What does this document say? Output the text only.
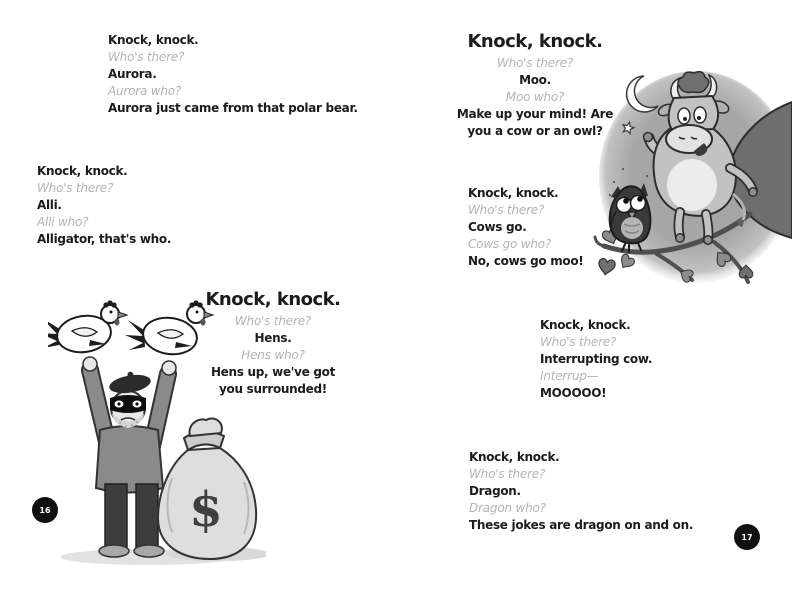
Knock, knock.
Who's there?
Aurora.
Aurora who?
Aurora just came from that polar bear.
Knock, knock.
Who's there?
Alli.
Alli who?
Alligator, that's who.
Knock, knock.
Who's there?
Hens.
Hens who?
Hens up, we've got you surrounded!
$
16
Knock, knock.
Who's there?
Moo.
Moo who?
Make up your mind! Are you a cow or an owl?
Knock, knock.
Who's there?
Cows go.
Cows go who?
No, cows go moo!
Knock, knock.
Who's there?
Interrupting cow.
Interrup—
MOOOOO!
Knock, knock.
Who's there?
Dragon.
Dragon who?
These jokes are dragon on and on.
17
